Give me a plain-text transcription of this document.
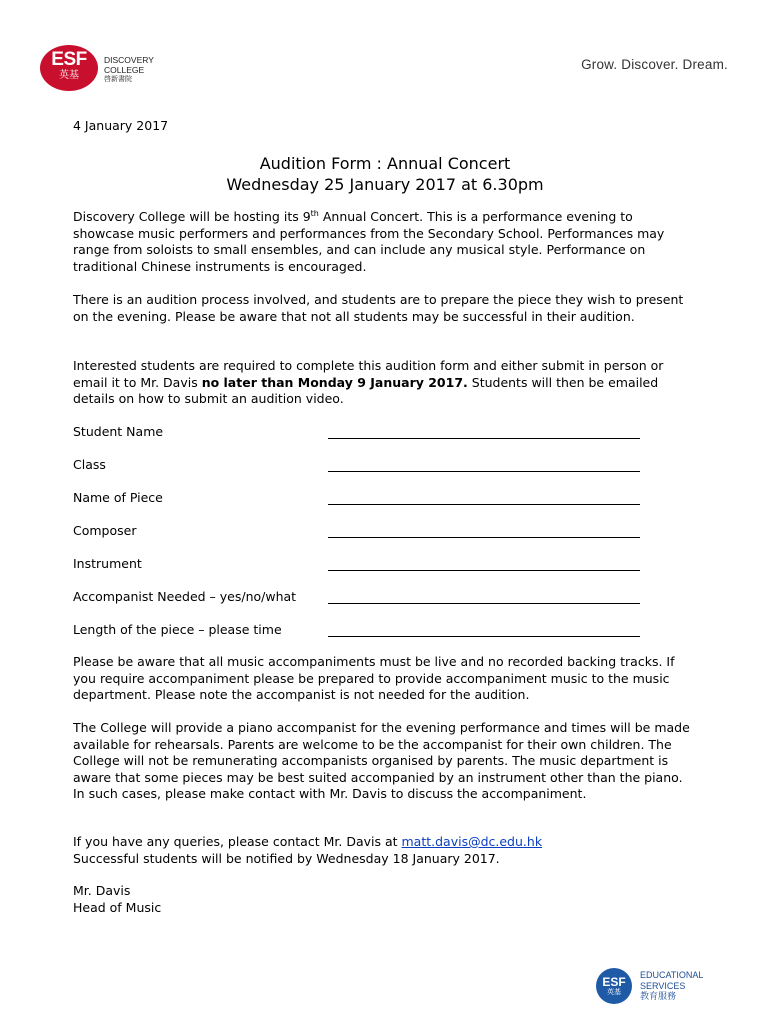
ESF
英基
DISCOVERY
COLLEGE
啓新書院
Grow. Discover. Dream.
4 January 2017
Audition Form : Annual Concert
Wednesday 25 January 2017 at 6.30pm

Discovery College will be hosting its 9th Annual Concert. This is a performance evening to showcase music performers and performances from the Secondary School. Performances may range from soloists to small ensembles, and can include any musical style. Performance on traditional Chinese instruments is encouraged.

There is an audition process involved, and students are to prepare the piece they wish to present on the evening. Please be aware that not all students may be successful in their audition.

Interested students are required to complete this audition form and either submit in person or email it to Mr. Davis no later than Monday 9 January 2017. Students will then be emailed details on how to submit an audition video.

Student Name
Class
Name of Piece
Composer
Instrument
Accompanist Needed – yes/no/what
Length of the piece – please time

Please be aware that all music accompaniments must be live and no recorded backing tracks. If you require accompaniment please be prepared to provide accompaniment music to the music department. Please note the accompanist is not needed for the audition.

The College will provide a piano accompanist for the evening performance and times will be made available for rehearsals. Parents are welcome to be the accompanist for their own children. The College will not be remunerating accompanists organised by parents. The music department is aware that some pieces may be best suited accompanied by an instrument other than the piano. In such cases, please make contact with Mr. Davis to discuss the accompaniment.

If you have any queries, please contact Mr. Davis at matt.davis@dc.edu.hk
Successful students will be notified by Wednesday 18 January 2017.

Mr. Davis
Head of Music

ESF
英基
EDUCATIONAL
SERVICES
教育服務
